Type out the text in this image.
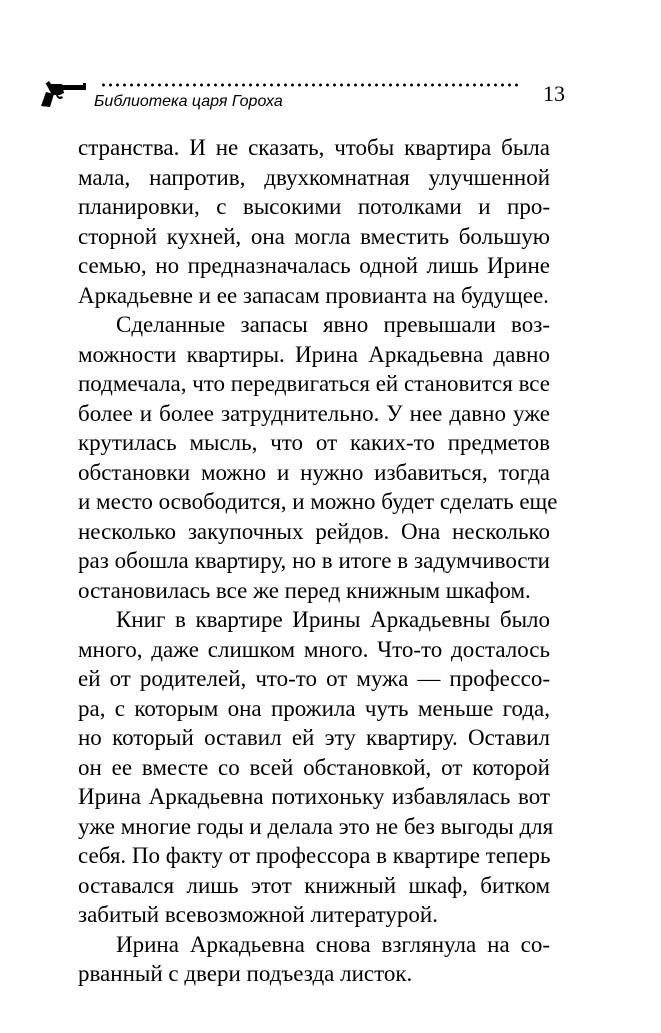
Библиотека царя Гороха	13
странства. И не сказать, чтобы квартира была
мала, напротив, двухкомнатная улучшенной
планировки, с высокими потолками и про-
сторной кухней, она могла вместить большую
семью, но предназначалась одной лишь Ирине
Аркадьевне и ее запасам провианта на будущее.
Сделанные запасы явно превышали воз-
можности квартиры. Ирина Аркадьевна давно
подмечала, что передвигаться ей становится все
более и более затруднительно. У нее давно уже
крутилась мысль, что от каких-то предметов
обстановки можно и нужно избавиться, тогда
и место освободится, и можно будет сделать еще
несколько закупочных рейдов. Она несколько
раз обошла квартиру, но в итоге в задумчивости
остановилась все же перед книжным шкафом.
Книг в квартире Ирины Аркадьевны было
много, даже слишком много. Что-то досталось
ей от родителей, что-то от мужа — профессо-
ра, с которым она прожила чуть меньше года,
но который оставил ей эту квартиру. Оставил
он ее вместе со всей обстановкой, от которой
Ирина Аркадьевна потихоньку избавлялась вот
уже многие годы и делала это не без выгоды для
себя. По факту от профессора в квартире теперь
оставался лишь этот книжный шкаф, битком
забитый всевозможной литературой.
Ирина Аркадьевна снова взглянула на со-
рванный с двери подъезда листок.
